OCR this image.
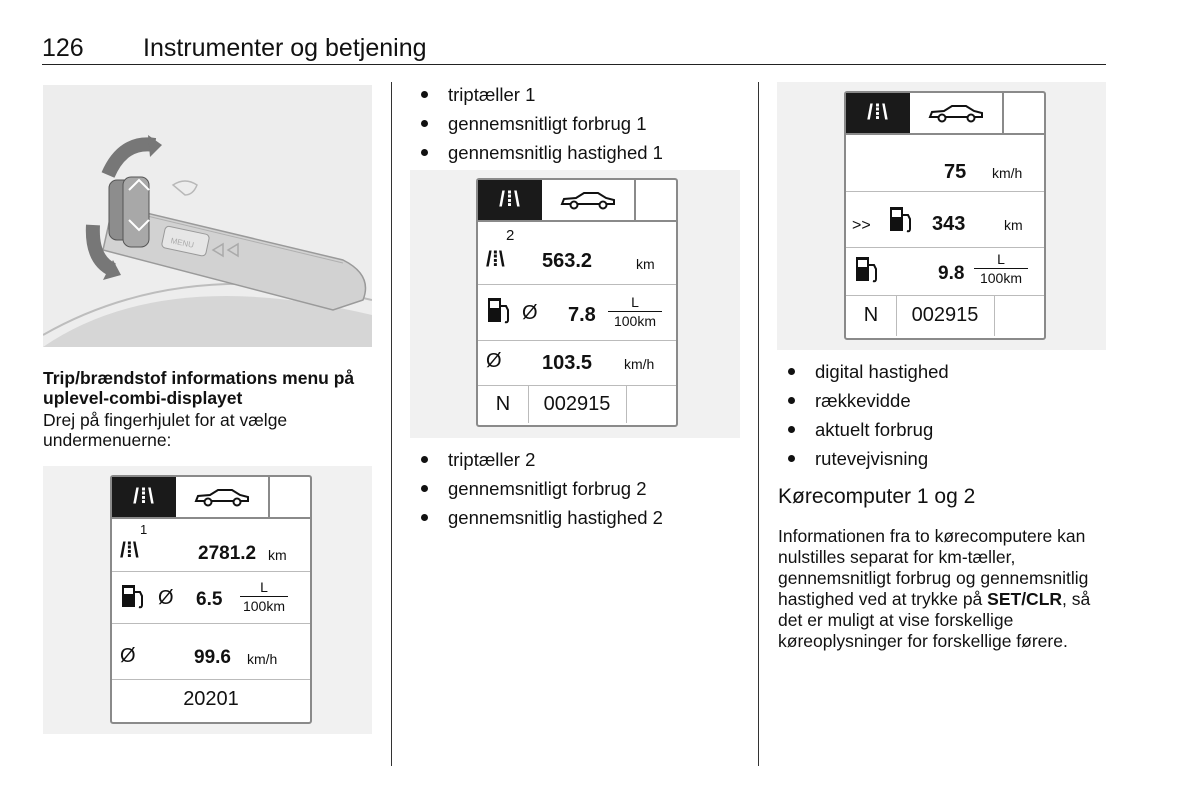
126 Instrumenter og betjening
MENU
Trip/brændstof informations menu på uplevel-combi-displayet
Drej på fingerhjulet for at vælge undermenuerne:
/⁞\
1
/⁞\	2781.2 km
Ø 6.5
L
100km
Ø	99.6 km/h
20201
triptæller 1
gennemsnitligt forbrug 1
gennemsnitlig hastighed 1
/⁞\
2
/⁞\ 563.2	km
Ø 7.8
L
100km
Ø 103.5 km/h
N	002915
triptæller 2
gennemsnitligt forbrug 2
gennemsnitlig hastighed 2
/⁞\
75 km/h
>>	343	km
9.8
L
100km
N	002915
digital hastighed
rækkevidde
aktuelt forbrug
rutevejvisning
Kørecomputer 1 og 2
Informationen fra to kørecomputere kan nulstilles separat for km-tæller, gennemsnitligt forbrug og gennemsnitlig hastighed ved at trykke på SET/CLR, så det er muligt at vise forskellige køreoplysninger for forskellige førere.
